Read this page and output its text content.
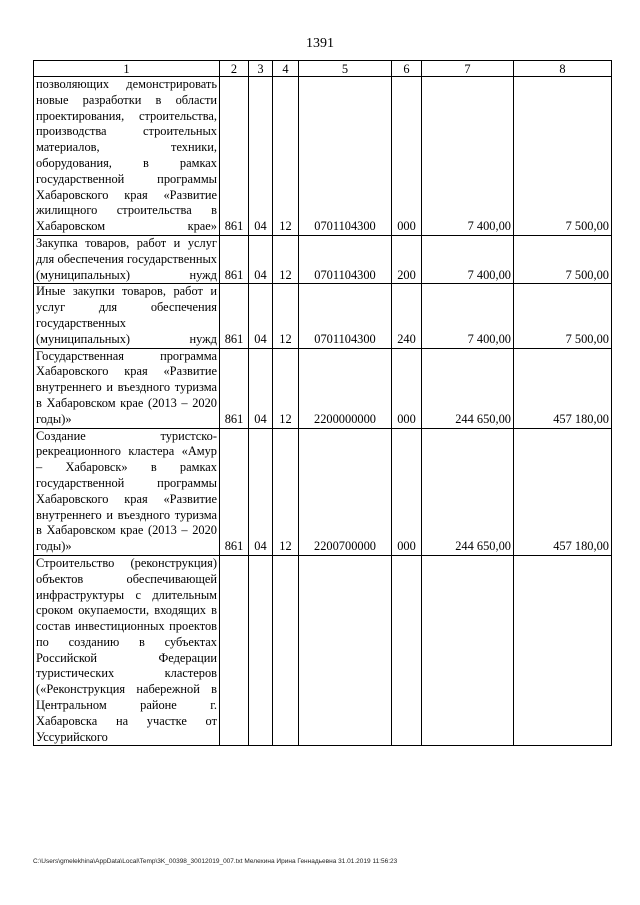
1391
1	2	3	4	5	6	7	8
позволяющих демонстрировать новые разработки в области проектирования, строительства, производства строительных материалов, техники, оборудования, в рамках государственной программы Хабаровского края «Развитие жилищного строительства в Хабаровском крае»	861	04	12	0701104300	000	7 400,00	7 500,00
Закупка товаров, работ и услуг для обеспечения государственных (муниципальных) нужд	861	04	12	0701104300	200	7 400,00	7 500,00
Иные закупки товаров, работ и услуг для обеспечения государственных (муниципальных) нужд	861	04	12	0701104300	240	7 400,00	7 500,00
Государственная программа Хабаровского края «Развитие внутреннего и въездного туризма в Хабаровском крае (2013 – 2020 годы)»	861	04	12	2200000000	000	244 650,00	457 180,00
Создание туристско-рекреационного кластера «Амур – Хабаровск» в рамках государственной программы Хабаровского края «Развитие внутреннего и въездного туризма в Хабаровском крае (2013 – 2020 годы)»	861	04	12	2200700000	000	244 650,00	457 180,00
Строительство (реконструкция) объектов обеспечивающей инфраструктуры с длительным сроком окупаемости, входящих в состав инвестиционных проектов по созданию в субъектах Российской Федерации туристических кластеров («Реконструкция набережной в Центральном районе г. Хабаровска на участке от Уссурийского							
C:\Users\gmelekhina\AppData\Local\Temp\3K_00398_30012019_007.txt Мелехина Ирина Геннадьевна 31.01.2019 11:56:23
